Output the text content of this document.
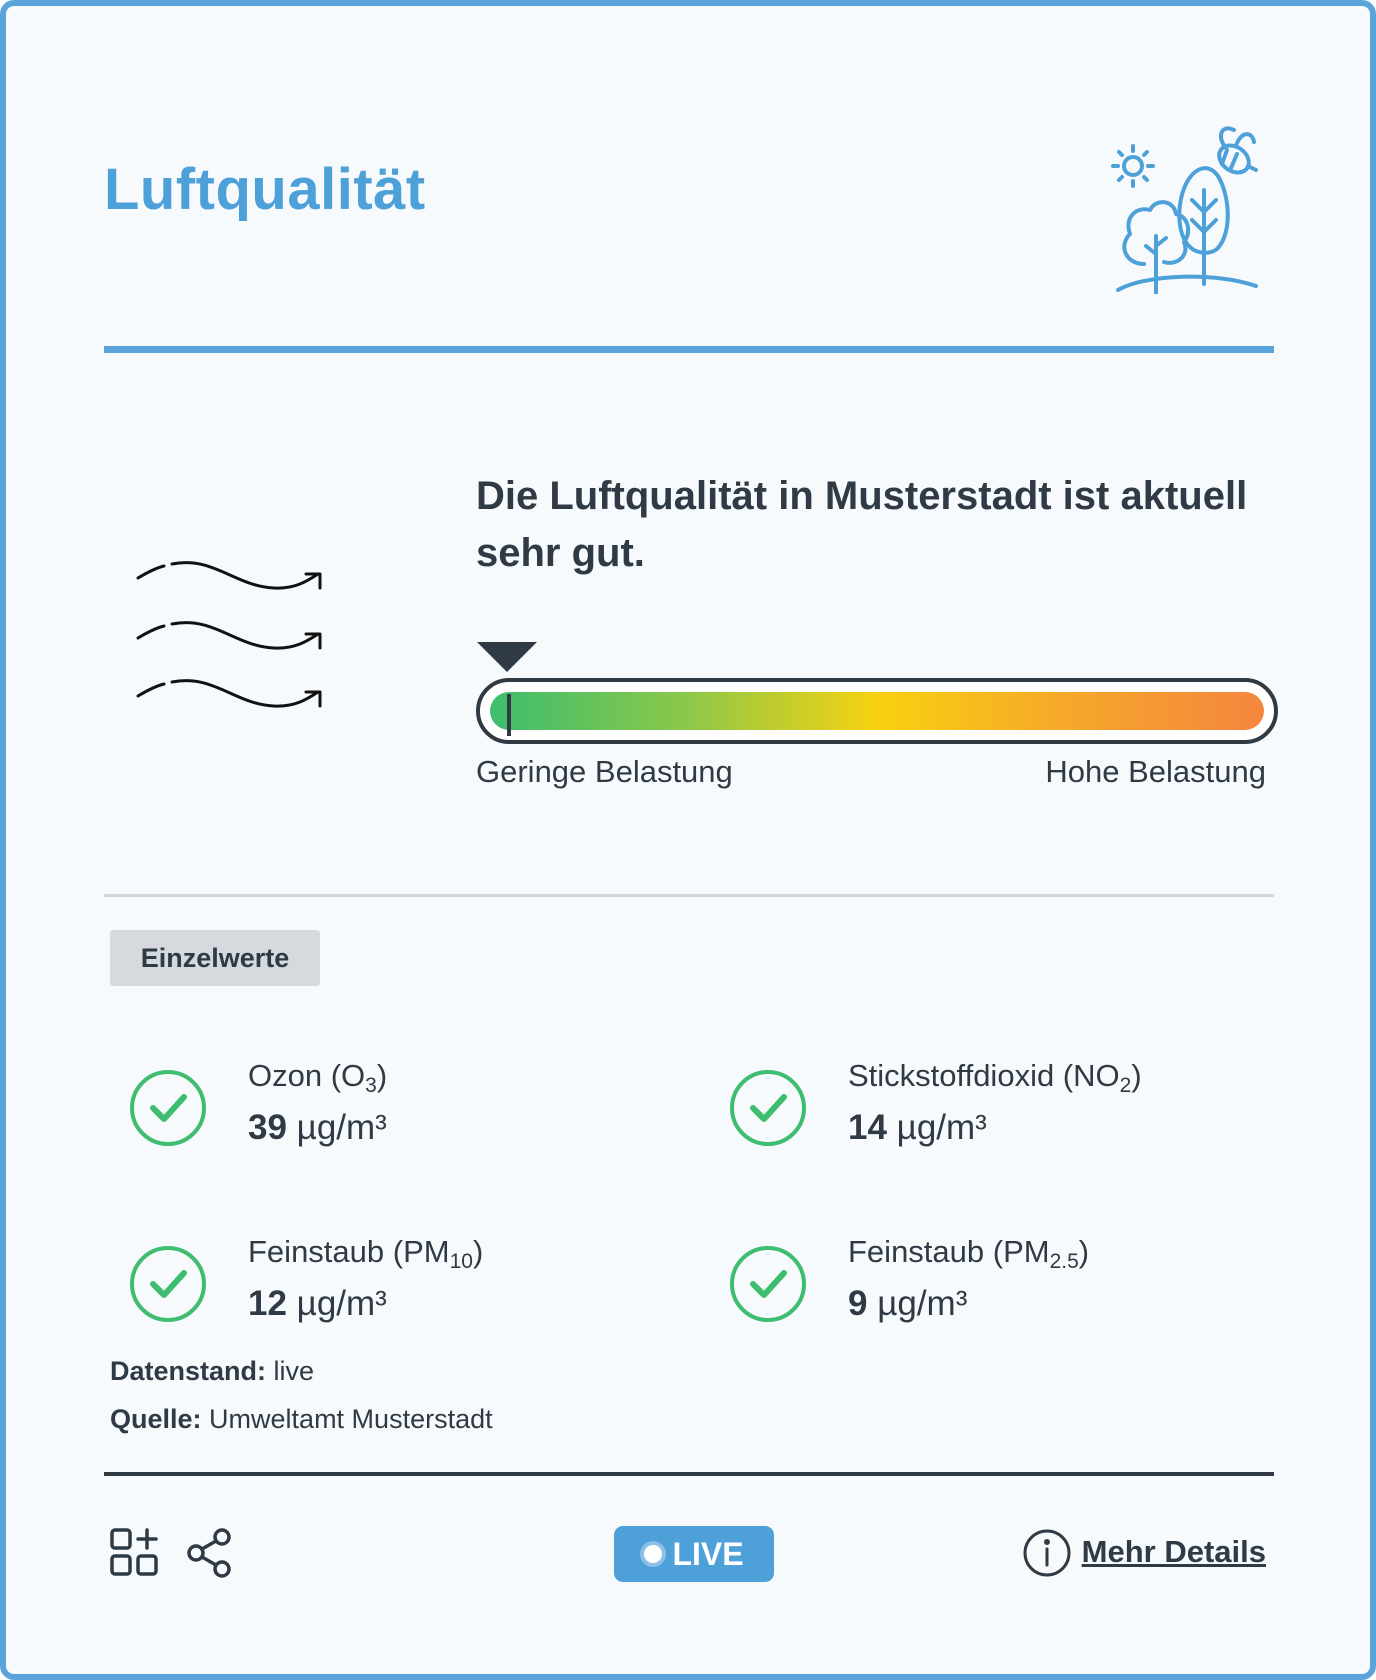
Luftqualität
Die Luftqualität in Musterstadt ist aktuell sehr gut.
Geringe Belastung	Hohe Belastung
Einzelwerte
Ozon $(O_3)$
39 µg/m³
Stickstoffdioxid $(NO_2)$
14 µg/m³
Feinstaub $(PM_{10})$
12 µg/m³
Feinstaub $(PM_{2.5})$
9 µg/m³
Datenstand: live
Quelle: Umweltamt Musterstadt
LIVE	Mehr Details
